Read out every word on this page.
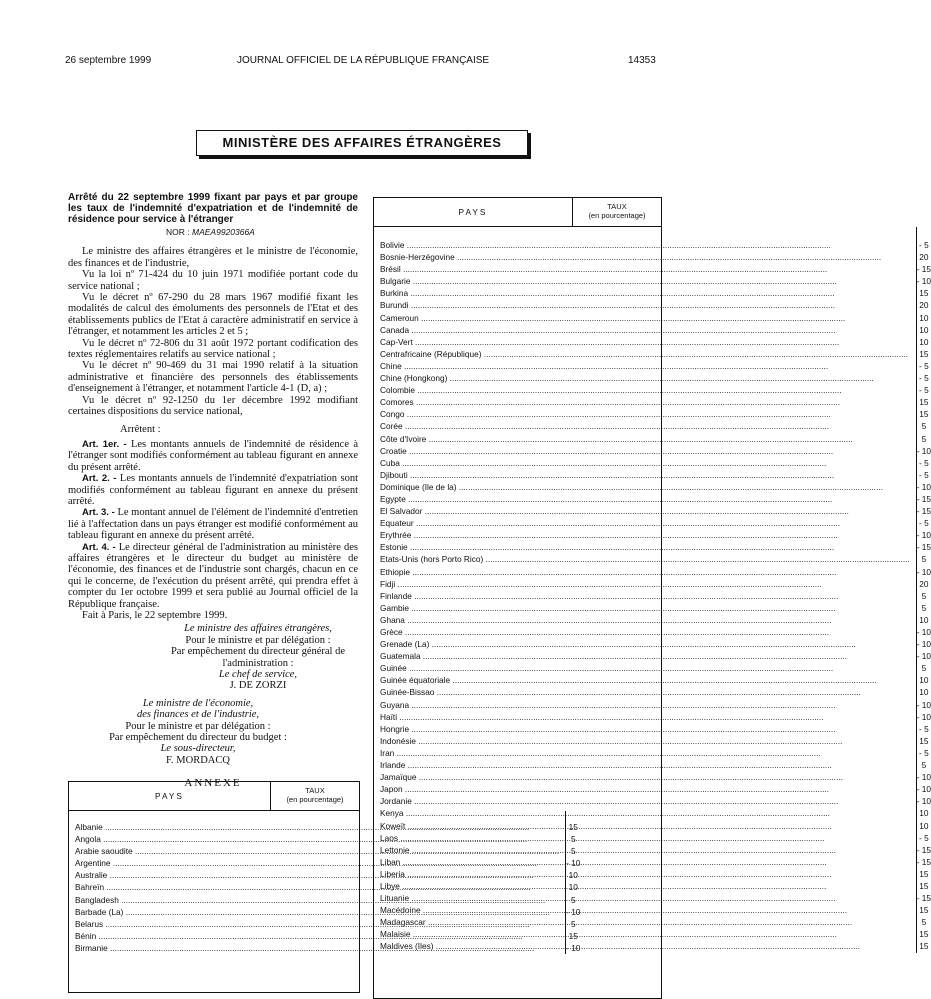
26 septembre 1999	JOURNAL OFFICIEL DE LA RÉPUBLIQUE FRANÇAISE	14353
MINISTÈRE DES AFFAIRES ÉTRANGÈRES
Arrêté du 22 septembre 1999 fixant par pays et par groupe les taux de l'indemnité d'expatriation et de l'indemnité de résidence pour service à l'étranger
NOR : MAEA9920366A

Le ministre des affaires étrangères et le ministre de l'économie, des finances et de l'industrie,

Vu la loi nº 71-424 du 10 juin 1971 modifiée portant code du service national ;

Vu le décret nº 67-290 du 28 mars 1967 modifié fixant les modalités de calcul des émoluments des personnels de l'Etat et des établissements publics de l'Etat à caractère administratif en service à l'étranger, et notamment les articles 2 et 5 ;

Vu le décret nº 72-806 du 31 août 1972 portant codification des textes réglementaires relatifs au service national ;

Vu le décret nº 90-469 du 31 mai 1990 relatif à la situation administrative et financière des personnels des établissements d'enseignement à l'étranger, et notamment l'article 4-1 (D, a) ;

Vu le décret nº 92-1250 du 1er décembre 1992 modifiant certaines dispositions du service national,

Arrêtent :

Art. 1er. - Les montants annuels de l'indemnité de résidence à l'étranger sont modifiés conformément au tableau figurant en annexe du présent arrêté.

Art. 2. - Les montants annuels de l'indemnité d'expatriation sont modifiés conformément au tableau figurant en annexe du présent arrêté.

Art. 3. - Le montant annuel de l'élément de l'indemnité d'entretien lié à l'affectation dans un pays étranger est modifié conformément au tableau figurant en annexe du présent arrêté.

Art. 4. - Le directeur général de l'administration au ministère des affaires étrangères et le directeur du budget au ministère de l'économie, des finances et de l'industrie sont chargés, chacun en ce qui le concerne, de l'exécution du présent arrêté, qui prendra effet à compter du 1er octobre 1999 et sera publié au Journal officiel de la République française.

Fait à Paris, le 22 septembre 1999.

Le ministre des affaires étrangères,

Pour le ministre et par délégation :

Par empêchement du directeur général de l'administration :

Le chef de service,

J. DE ZORZI

Le ministre de l'économie,

des finances et de l'industrie,

Pour le ministre et par délégation :

Par empêchement du directeur du budget :

Le sous-directeur,

F. MORDACQ

ANNEXE
PAYS
TAUX
(en pourcentage)
Albanie .....
Angola .....
Arabie saoudite .....
Argentine .....
Australie .....
Bahreïn .....
Bangladesh .....
Barbade (La) .....
Belarus .....
Bénin .....
Birmanie .....
15
5
5
- 10
10
10
5
- 10
5
15
- 10
PAYS
TAUX
(en pourcentage)
Bolivie .....
Bosnie-Herzégovine .....
Brésil .....
Bulgarie .....
Burkina .....
Burundi .....
Cameroun .....
Canada .....
Cap-Vert .....
Centrafricaine (République) .....
Chine .....
Chine (Hongkong) .....
Colombie .....
Comores .....
Congo .....
Corée .....
Côte d'Ivoire .....
Croatie .....
Cuba .....
Djibouti .....
Dominique (Ile de la) .....
Egypte .....
El Salvador .....
Equateur .....
Erythrée .....
Estonie .....
Etats-Unis (hors Porto Rico) .....
Ethiopie .....
Fidji .....
Finlande .....
Gambie .....
Ghana .....
Grèce .....
Grenade (La) .....
Guatemala .....
Guinée .....
Guinée équatoriale .....
Guinée-Bissao .....
Guyana .....
Haïti .....
Hongrie .....
Indonésie .....
Iran .....
Irlande .....
Jamaïque .....
Japon .....
Jordanie .....
Kenya .....
Koweït .....
Laos .....
Lettonie .....
Liban .....
Liberia .....
Libye .....
Lituanie .....
Macédoine .....
Madagascar .....
Malaisie .....
Maldives (Iles) .....
- 5
20
- 15
- 10
15
20
10
10
10
15
- 5
- 5
- 5
15
15
5
5
- 10
- 5
- 5
- 10
- 15
- 15
- 5
- 10
- 15
5
- 10
20
5
5
10
- 10
- 10
- 10
5
10
10
- 10
- 10
- 5
15
- 5
5
- 10
- 10
- 10
10
10
- 5
- 15
- 15
15
15
- 15
15
5
15
15
